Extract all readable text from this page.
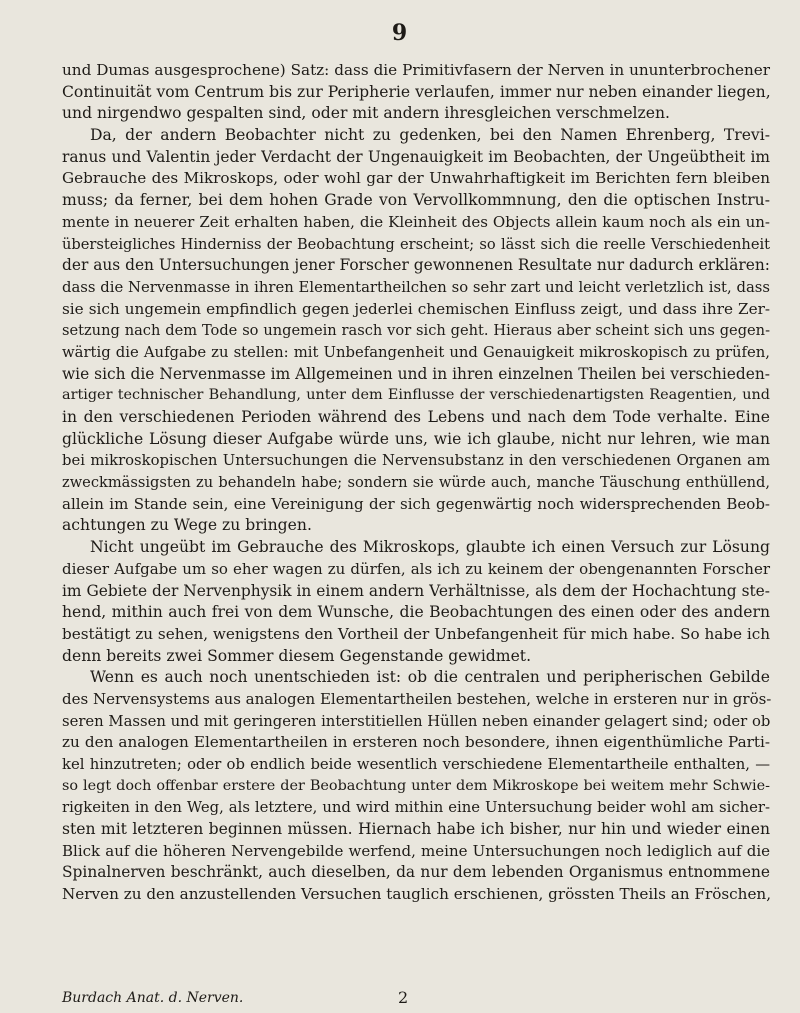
9
und Dumas ausgesprochene) Satz: dass die Primitivfasern der Nerven in ununterbrochener
Continuität vom Centrum bis zur Peripherie verlaufen, immer nur neben einander liegen,
und nirgendwo gespalten sind, oder mit andern ihresgleichen verschmelzen.
Da, der andern Beobachter nicht zu gedenken, bei den Namen Ehrenberg, Trevi-
ranus und Valentin jeder Verdacht der Ungenauigkeit im Beobachten, der Ungeübtheit im
Gebrauche des Mikroskops, oder wohl gar der Unwahrhaftigkeit im Berichten fern bleiben
muss; da ferner, bei dem hohen Grade von Vervollkommnung, den die optischen Instru-
mente in neuerer Zeit erhalten haben, die Kleinheit des Objects allein kaum noch als ein un-
übersteigliches Hinderniss der Beobachtung erscheint; so lässt sich die reelle Verschiedenheit
der aus den Untersuchungen jener Forscher gewonnenen Resultate nur dadurch erklären:
dass die Nervenmasse in ihren Elementartheilchen so sehr zart und leicht verletzlich ist, dass
sie sich ungemein empfindlich gegen jederlei chemischen Einfluss zeigt, und dass ihre Zer-
setzung nach dem Tode so ungemein rasch vor sich geht. Hieraus aber scheint sich uns gegen-
wärtig die Aufgabe zu stellen: mit Unbefangenheit und Genauigkeit mikroskopisch zu prüfen,
wie sich die Nervenmasse im Allgemeinen und in ihren einzelnen Theilen bei verschieden-
artiger technischer Behandlung, unter dem Einflusse der verschiedenartigsten Reagentien, und
in den verschiedenen Perioden während des Lebens und nach dem Tode verhalte. Eine
glückliche Lösung dieser Aufgabe würde uns, wie ich glaube, nicht nur lehren, wie man
bei mikroskopischen Untersuchungen die Nervensubstanz in den verschiedenen Organen am
zweckmässigsten zu behandeln habe; sondern sie würde auch, manche Täuschung enthüllend,
allein im Stande sein, eine Vereinigung der sich gegenwärtig noch widersprechenden Beob-
achtungen zu Wege zu bringen.
Nicht ungeübt im Gebrauche des Mikroskops, glaubte ich einen Versuch zur Lösung
dieser Aufgabe um so eher wagen zu dürfen, als ich zu keinem der obengenannten Forscher
im Gebiete der Nervenphysik in einem andern Verhältnisse, als dem der Hochachtung ste-
hend, mithin auch frei von dem Wunsche, die Beobachtungen des einen oder des andern
bestätigt zu sehen, wenigstens den Vortheil der Unbefangenheit für mich habe. So habe ich
denn bereits zwei Sommer diesem Gegenstande gewidmet.
Wenn es auch noch unentschieden ist: ob die centralen und peripherischen Gebilde
des Nervensystems aus analogen Elementartheilen bestehen, welche in ersteren nur in grös-
seren Massen und mit geringeren interstitiellen Hüllen neben einander gelagert sind; oder ob
zu den analogen Elementartheilen in ersteren noch besondere, ihnen eigenthümliche Parti-
kel hinzutreten; oder ob endlich beide wesentlich verschiedene Elementartheile enthalten, —
so legt doch offenbar erstere der Beobachtung unter dem Mikroskope bei weitem mehr Schwie-
rigkeiten in den Weg, als letztere, und wird mithin eine Untersuchung beider wohl am sicher-
sten mit letzteren beginnen müssen. Hiernach habe ich bisher, nur hin und wieder einen
Blick auf die höheren Nervengebilde werfend, meine Untersuchungen noch lediglich auf die
Spinalnerven beschränkt, auch dieselben, da nur dem lebenden Organismus entnommene
Nerven zu den anzustellenden Versuchen tauglich erschienen, grössten Theils an Fröschen,
Burdach Anat. d. Nerven.	2
